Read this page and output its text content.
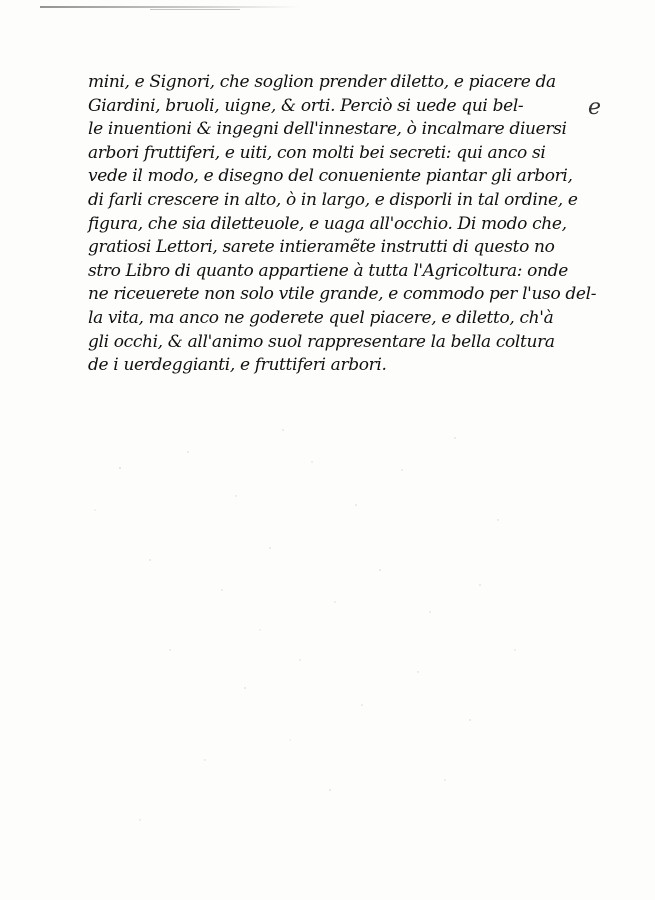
mini, e Signori, che soglion prender diletto, e piacere da
Giardini, bruoli, uigne, & orti. Perciò si uede qui bel-
le inuentioni & ingegni dell'innestare, ò incalmare diuersi
arbori fruttiferi, e uiti, con molti bei secreti: qui anco si
vede il modo, e disegno del conueniente piantar gli arbori,
di farli crescere in alto, ò in largo, e disporli in tal ordine, e
figura, che sia diletteuole, e uaga all'occhio. Di modo che,
gratiosi Lettori, sarete intieramẽte instrutti di questo no
stro Libro di quanto appartiene à tutta l'Agricoltura: onde
ne riceuerete non solo vtile grande, e commodo per l'uso del-
la vita, ma anco ne goderete quel piacere, e diletto, ch'à
gli occhi, & all'animo suol rappresentare la bella coltura
de i uerdeggianti, e fruttiferi arbori.
e
